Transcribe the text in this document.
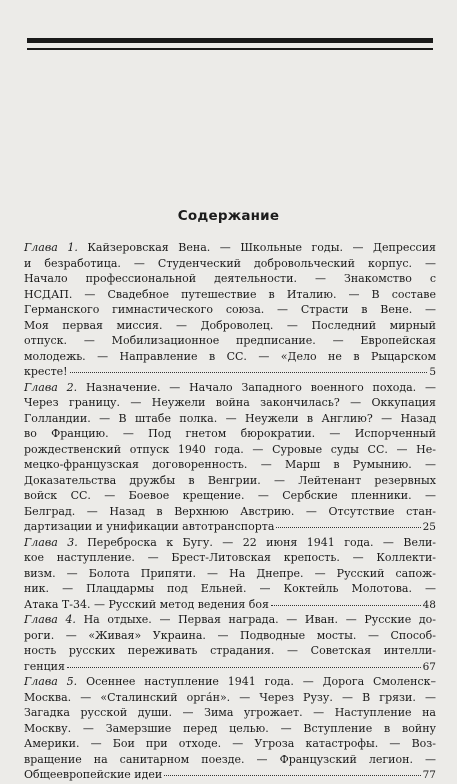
Содержание
Глава 1. Кайзеровская Вена. — Школьные годы. — Депрессия
и безработица. — Студенческий добровольческий корпус. —
Начало профессиональной деятельности. — Знакомство с
НСДАП. — Свадебное путешествие в Италию. — В составе
Германского гимнастического союза. — Страсти в Вене. —
Моя первая миссия. — Доброволец. — Последний мирный
отпуск. — Мобилизационное предписание. — Европейская
молодежь. — Направление в СС. — «Дело не в Рыцарском
кресте!	5
Глава 2. Назначение. — Начало Западного военного похода. —
Через границу. — Неужели война закончилась? — Оккупация
Голландии. — В штабе полка. — Неужели в Англию? — Назад
во Францию. — Под гнетом бюрократии. — Испорченный
рождественский отпуск 1940 года. — Суровые суды СС. — Не-
мецко-французская договоренность. — Марш в Румынию. —
Доказательства дружбы в Венгрии. — Лейтенант резервных
войск СС. — Боевое крещение. — Сербские пленники. —
Белград. — Назад в Верхнюю Австрию. — Отсутствие стан-
дартизации и унификации автотранспорта	25
Глава 3. Переброска к Бугу. — 22 июня 1941 года. — Вели-
кое наступление. — Брест-Литовская крепость. — Коллекти-
визм. — Болота Припяти. — На Днепре. — Русский сапож-
ник. — Плацдармы под Ельней. — Коктейль Молотова. —
Атака Т-34. — Русский метод ведения боя	48
Глава 4. На отдыхе. — Первая награда. — Иван. — Русские до-
роги. — «Живая» Украина. — Подводные мосты. — Способ-
ность русских переживать страдания. — Советская интелли-
генция	67
Глава 5. Осеннее наступление 1941 года. — Дорога Смоленск–
Москва. — «Сталинский орга́н». — Через Рузу. — В грязи. —
Загадка русской души. — Зима угрожает. — Наступление на
Москву. — Замерзшие перед целью. — Вступление в войну
Америки. — Бои при отходе. — Угроза катастрофы. — Воз-
вращение на санитарном поезде. — Французский легион. —
Общеевропейские идеи	77
